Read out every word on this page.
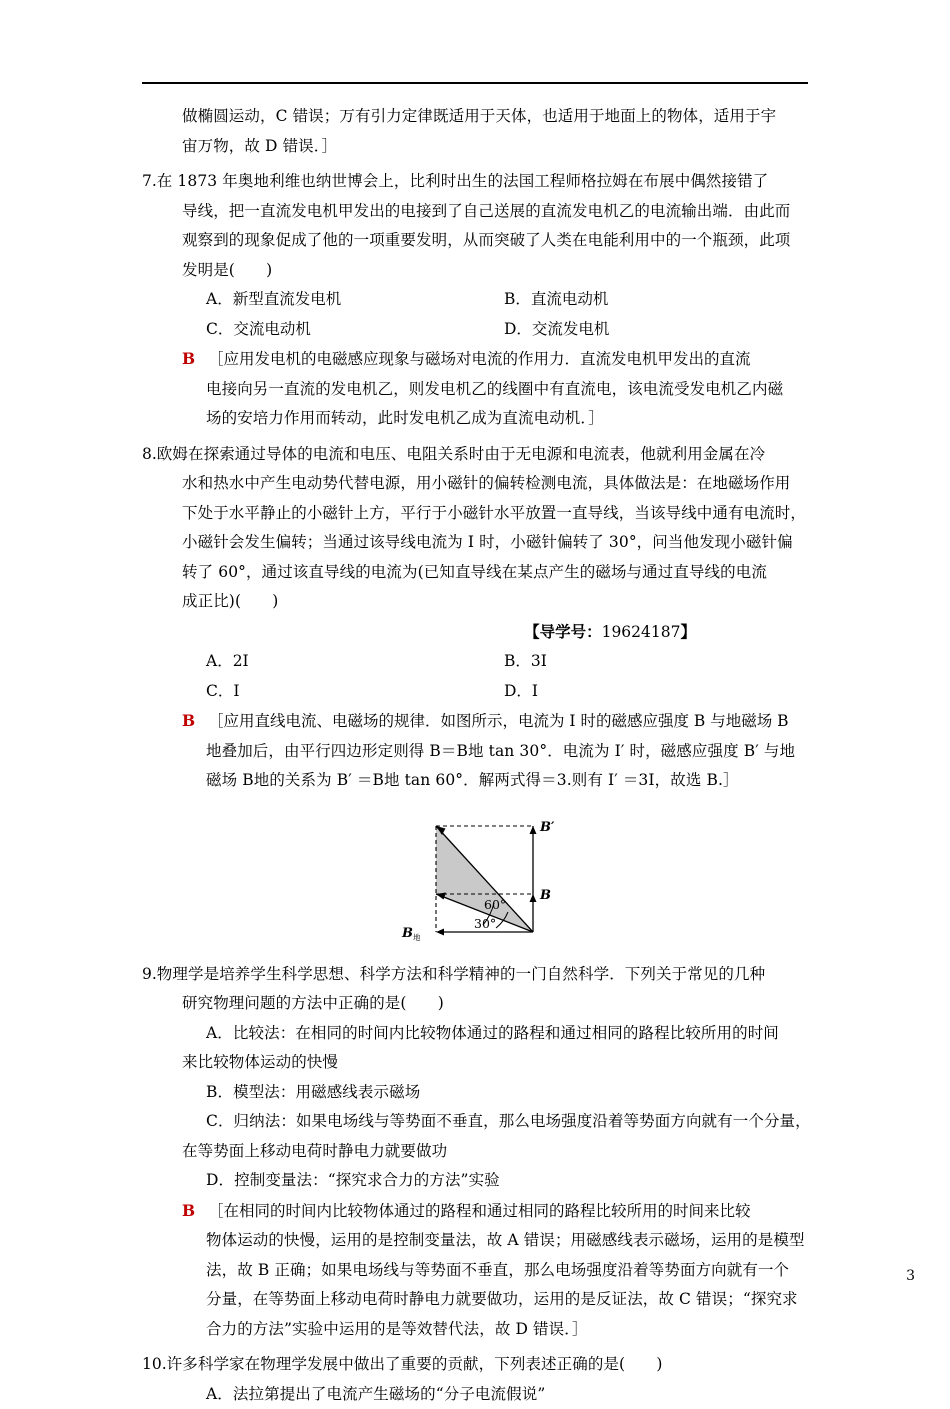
做椭圆运动，C 错误；万有引力定律既适用于天体，也适用于地面上的物体，适用于宇
宙万物，故 D 错误．］
7. 在 1873 年奥地利维也纳世博会上，比利时出生的法国工程师格拉姆在布展中偶然接错了
导线，把一直流发电机甲发出的电接到了自己送展的直流发电机乙的电流输出端．由此而
观察到的现象促成了他的一项重要发明，从而突破了人类在电能利用中的一个瓶颈，此项
发明是(　　)
A．新型直流发电机	B．直流电动机
C．交流电动机	D．交流发电机
B ［应用发电机的电磁感应现象与磁场对电流的作用力．直流发电机甲发出的直流
电接向另一直流的发电机乙，则发电机乙的线圈中有直流电，该电流受发电机乙内磁
场的安培力作用而转动，此时发电机乙成为直流电动机．］
8. 欧姆在探索通过导体的电流和电压、电阻关系时由于无电源和电流表，他就利用金属在冷
水和热水中产生电动势代替电源，用小磁针的偏转检测电流，具体做法是：在地磁场作用
下处于水平静止的小磁针上方，平行于小磁针水平放置一直导线，当该导线中通有电流时，
小磁针会发生偏转；当通过该导线电流为 I 时，小磁针偏转了 30°，问当他发现小磁针偏
转了 60°，通过该直导线的电流为(已知直导线在某点产生的磁场与通过直导线的电流
成正比)(　　)
【导学号：19624187】
A．2I	B．3I
C．I	D．I
B ［应用直线电流、电磁场的规律．如图所示，电流为 I 时的磁感应强度 B 与地磁场 B
地叠加后，由平行四边形定则得 B＝B地 tan 30°．电流为 I′ 时，磁感应强度 B′ 与地
磁场 B地的关系为 B′ ＝B地 tan 60°．解两式得＝3.则有 I′ ＝3I，故选 B.］
B′
B
B 地
60°
30°
9. 物理学是培养学生科学思想、科学方法和科学精神的一门自然科学．下列关于常见的几种
研究物理问题的方法中正确的是(　　)
A．比较法：在相同的时间内比较物体通过的路程和通过相同的路程比较所用的时间
来比较物体运动的快慢
B．模型法：用磁感线表示磁场
C．归纳法：如果电场线与等势面不垂直，那么电场强度沿着等势面方向就有一个分量，
在等势面上移动电荷时静电力就要做功
D．控制变量法：“探究求合力的方法”实验
B ［在相同的时间内比较物体通过的路程和通过相同的路程比较所用的时间来比较
物体运动的快慢，运用的是控制变量法，故 A 错误；用磁感线表示磁场，运用的是模型
法，故 B 正确；如果电场线与等势面不垂直，那么电场强度沿着等势面方向就有一个
分量，在等势面上移动电荷时静电力就要做功，运用的是反证法，故 C 错误；“探究求
合力的方法”实验中运用的是等效替代法，故 D 错误．］
10. 许多科学家在物理学发展中做出了重要的贡献，下列表述正确的是(　　)
A．法拉第提出了电流产生磁场的“分子电流假说”
3
